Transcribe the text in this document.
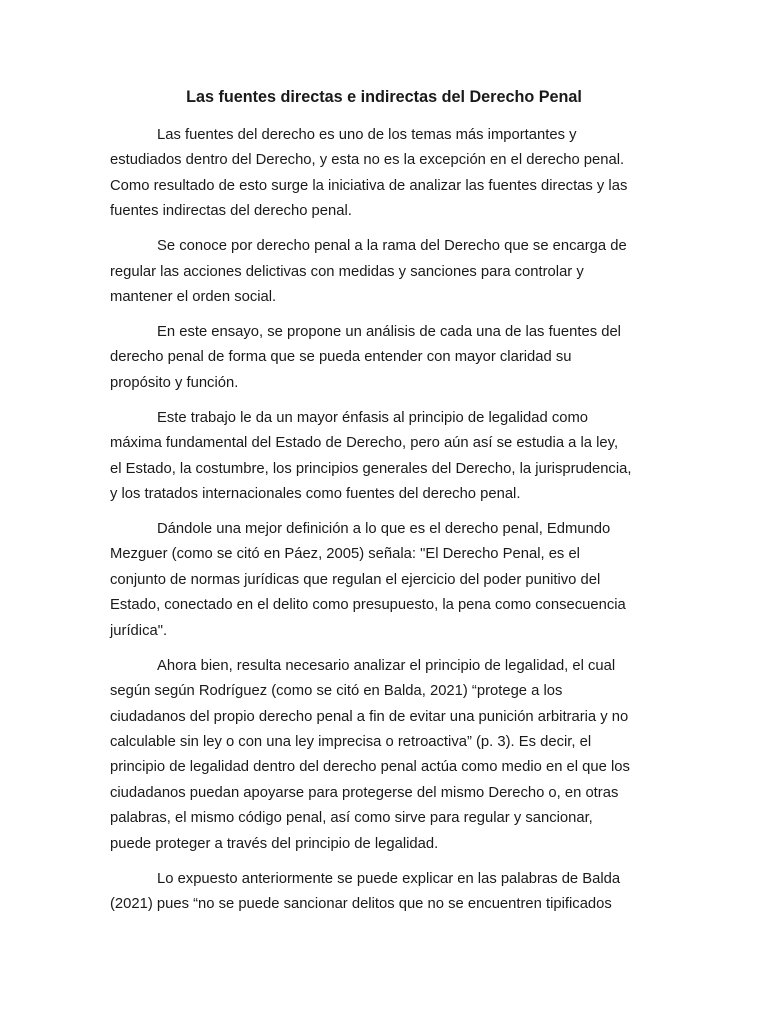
Las fuentes directas e indirectas del Derecho Penal

Las fuentes del derecho es uno de los temas más importantes y
estudiados dentro del Derecho, y esta no es la excepción en el derecho penal.
Como resultado de esto surge la iniciativa de analizar las fuentes directas y las
fuentes indirectas del derecho penal.

Se conoce por derecho penal a la rama del Derecho que se encarga de
regular las acciones delictivas con medidas y sanciones para controlar y
mantener el orden social.

En este ensayo, se propone un análisis de cada una de las fuentes del
derecho penal de forma que se pueda entender con mayor claridad su
propósito y función.

Este trabajo le da un mayor énfasis al principio de legalidad como
máxima fundamental del Estado de Derecho, pero aún así se estudia a la ley,
el Estado, la costumbre, los principios generales del Derecho, la jurisprudencia,
y los tratados internacionales como fuentes del derecho penal.

Dándole una mejor definición a lo que es el derecho penal, Edmundo
Mezguer (como se citó en Páez, 2005) señala: "El Derecho Penal, es el
conjunto de normas jurídicas que regulan el ejercicio del poder punitivo del
Estado, conectado en el delito como presupuesto, la pena como consecuencia
jurídica".

Ahora bien, resulta necesario analizar el principio de legalidad, el cual
según según Rodríguez (como se citó en Balda, 2021) “protege a los
ciudadanos del propio derecho penal a fin de evitar una punición arbitraria y no
calculable sin ley o con una ley imprecisa o retroactiva” (p. 3). Es decir, el
principio de legalidad dentro del derecho penal actúa como medio en el que los
ciudadanos puedan apoyarse para protegerse del mismo Derecho o, en otras
palabras, el mismo código penal, así como sirve para regular y sancionar,
puede proteger a través del principio de legalidad.

Lo expuesto anteriormente se puede explicar en las palabras de Balda
(2021) pues “no se puede sancionar delitos que no se encuentren tipificados
